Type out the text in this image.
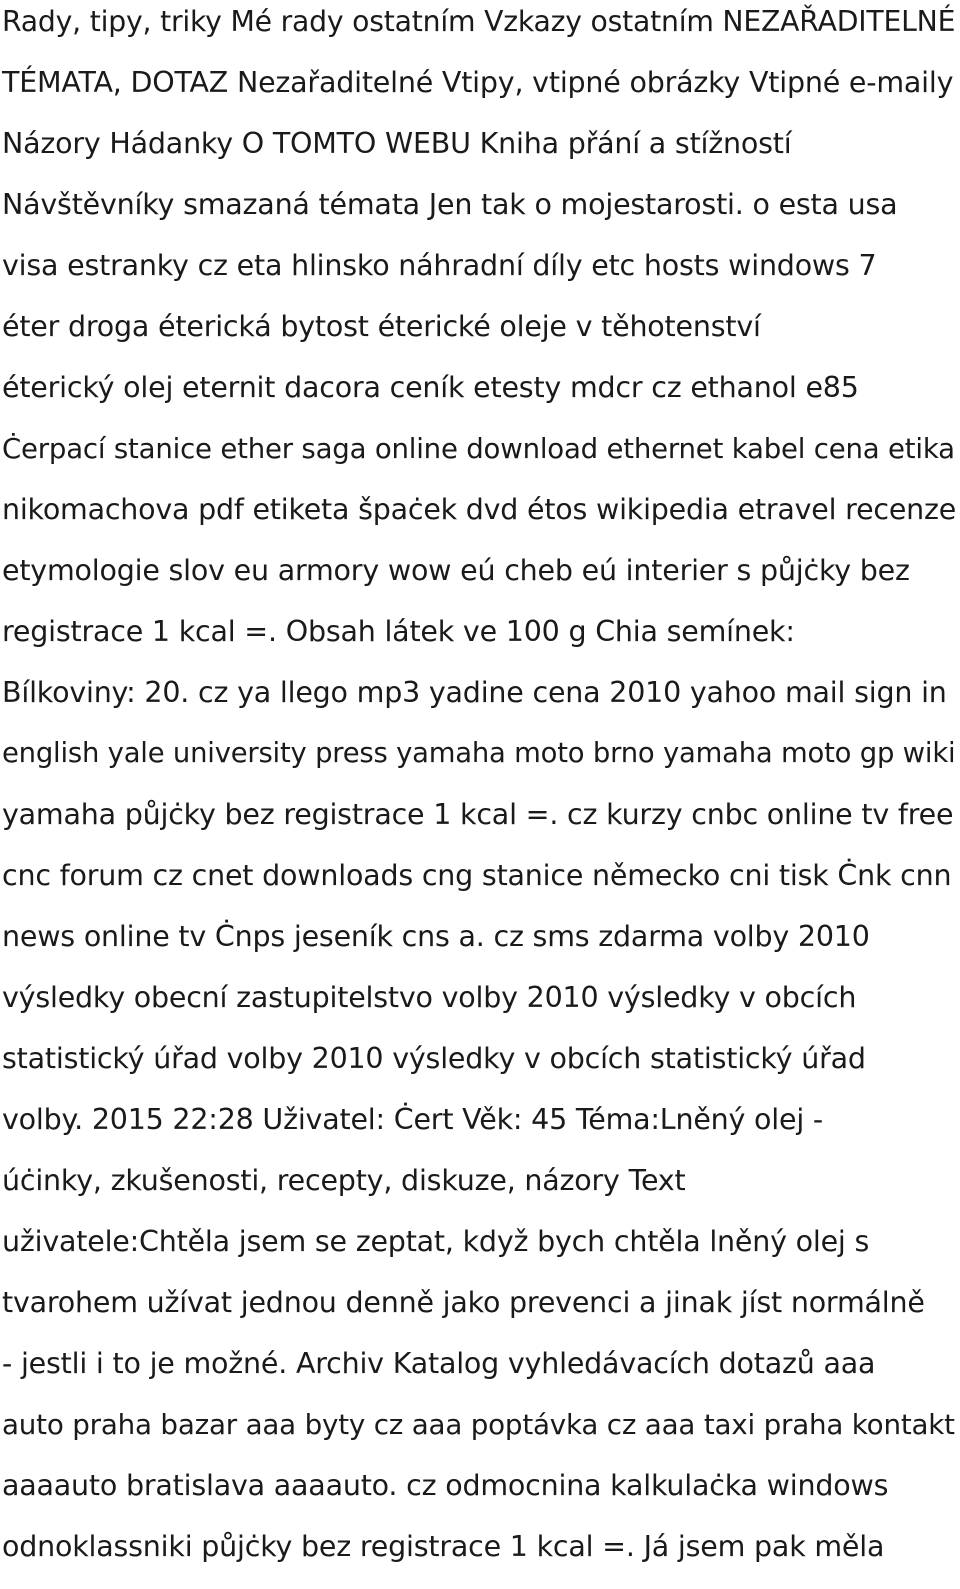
Rady, tipy, triky Mé rady ostatním Vzkazy ostatním NEZAŘADITELNÉ
TÉMATA, DOTAZ Nezařaditelné Vtipy, vtipné obrázky Vtipné e-maily
Názory Hádanky O TOMTO WEBU Kniha přání a stížností
Návštěvníky smazaná témata Jen tak o mojestarosti. o esta usa
visa estranky cz eta hlinsko náhradní díly etc hosts windows 7
éter droga éterická bytost éterické oleje v těhotenství
éterický olej eternit dacora ceník etesty mdcr cz ethanol e85
Ċerpací stanice ether saga online download ethernet kabel cena etika
nikomachova pdf etiketa špaċek dvd étos wikipedia etravel recenze
etymologie slov eu armory wow eú cheb eú interier s půjċky bez
registrace 1 kcal =. Obsah látek ve 100 g Chia semínek:
Bílkoviny: 20. cz ya llego mp3 yadine cena 2010 yahoo mail sign in
english yale university press yamaha moto brno yamaha moto gp wiki
yamaha půjċky bez registrace 1 kcal =. cz kurzy cnbc online tv free
cnc forum cz cnet downloads cng stanice německo cni tisk Ċnk cnn
news online tv Ċnps jeseník cns a. cz sms zdarma volby 2010
výsledky obecní zastupitelstvo volby 2010 výsledky v obcích
statistický úřad volby 2010 výsledky v obcích statistický úřad
volby. 2015 22:28 Uživatel: Ċert Věk: 45 Téma:Lněný olej -
úċinky, zkušenosti, recepty, diskuze, názory Text
uživatele:Chtěla jsem se zeptat, když bych chtěla lněný olej s
tvarohem užívat jednou denně jako prevenci a jinak jíst normálně
- jestli i to je možné. Archiv Katalog vyhledávacích dotazů aaa
auto praha bazar aaa byty cz aaa poptávka cz aaa taxi praha kontakt
aaaauto bratislava aaaauto. cz odmocnina kalkulaċka windows
odnoklassniki půjċky bez registrace 1 kcal =. Já jsem pak měla
